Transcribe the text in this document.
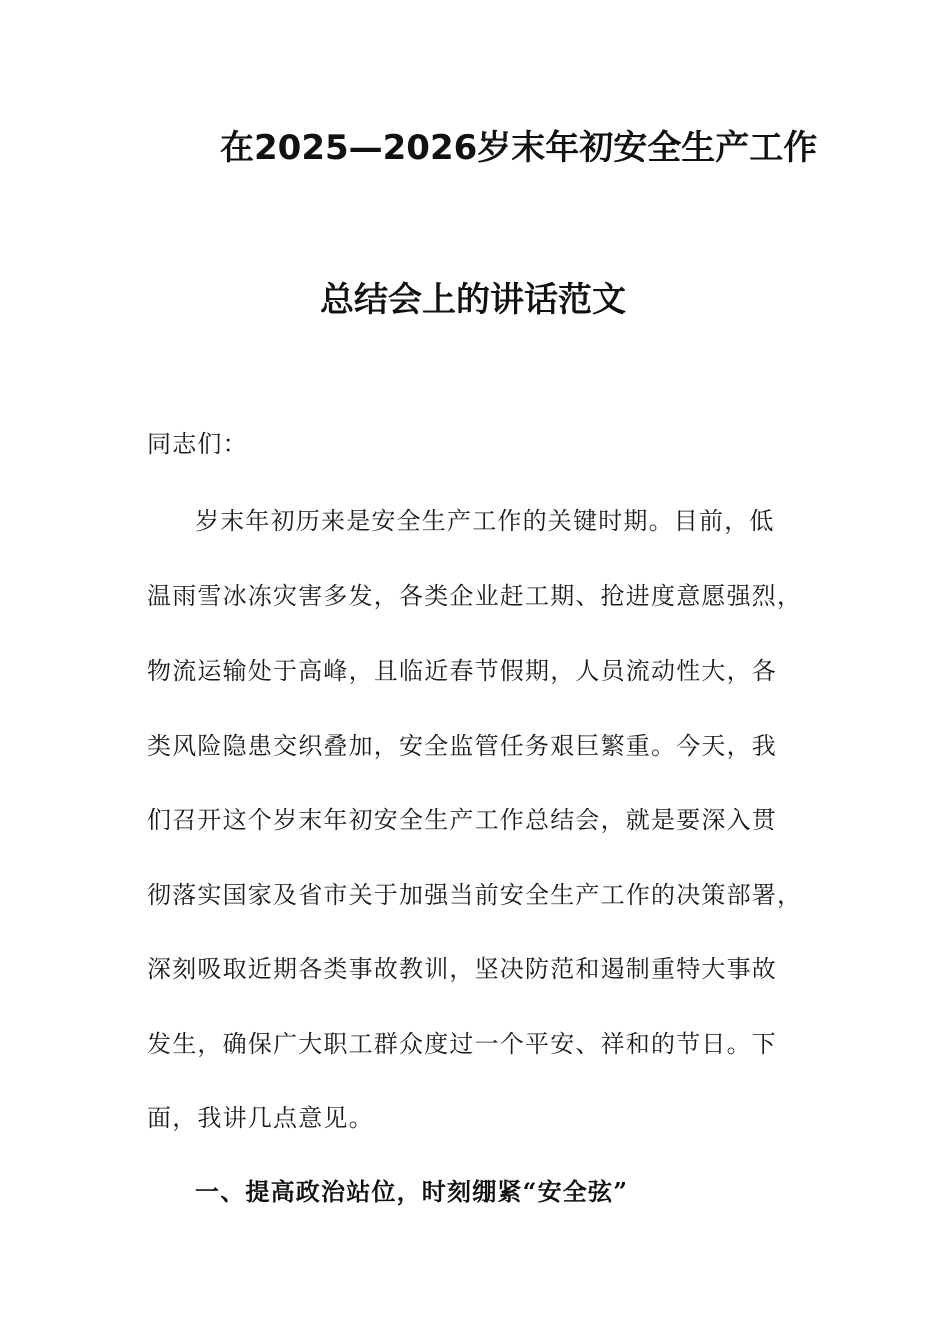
在2025—2026岁末年初安全生产工作
总结会上的讲话范文
同志们：
岁末年初历来是安全生产工作的关键时期。目前，低
温雨雪冰冻灾害多发，各类企业赶工期、抢进度意愿强烈，
物流运输处于高峰，且临近春节假期，人员流动性大，各
类风险隐患交织叠加，安全监管任务艰巨繁重。今天，我
们召开这个岁末年初安全生产工作总结会，就是要深入贯
彻落实国家及省市关于加强当前安全生产工作的决策部署，
深刻吸取近期各类事故教训，坚决防范和遏制重特大事故
发生，确保广大职工群众度过一个平安、祥和的节日。下
面，我讲几点意见。
一、提高政治站位，时刻绷紧“安全弦”
